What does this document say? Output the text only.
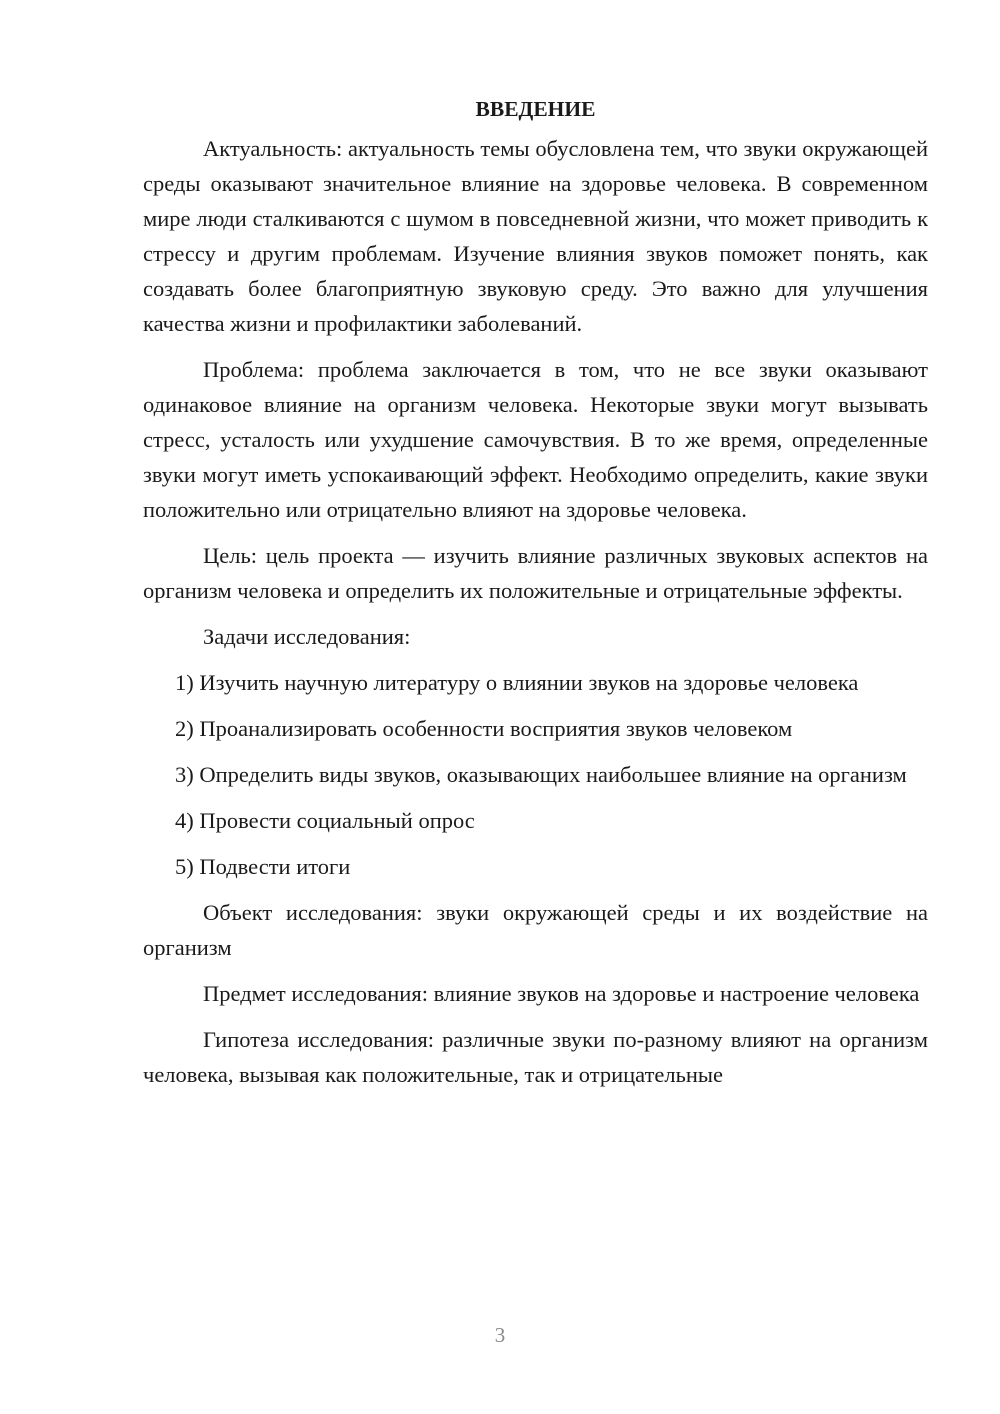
ВВЕДЕНИЕ

Актуальность: актуальность темы обусловлена тем, что звуки окружающей среды оказывают значительное влияние на здоровье человека. В современном мире люди сталкиваются с шумом в повседневной жизни, что может приводить к стрессу и другим проблемам. Изучение влияния звуков поможет понять, как создавать более благоприятную звуковую среду. Это важно для улучшения качества жизни и профилактики заболеваний.

Проблема: проблема заключается в том, что не все звуки оказывают одинаковое влияние на организм человека. Некоторые звуки могут вызывать стресс, усталость или ухудшение самочувствия. В то же время, определенные звуки могут иметь успокаивающий эффект. Необходимо определить, какие звуки положительно или отрицательно влияют на здоровье человека.

Цель: цель проекта — изучить влияние различных звуковых аспектов на организм человека и определить их положительные и отрицательные эффекты.

Задачи исследования:

1) Изучить научную литературу о влиянии звуков на здоровье человека

2) Проанализировать особенности восприятия звуков человеком

3) Определить виды звуков, оказывающих наибольшее влияние на организм

4) Провести социальный опрос

5) Подвести итоги

Объект исследования: звуки окружающей среды и их воздействие на организм

Предмет исследования: влияние звуков на здоровье и настроение человека

Гипотеза исследования: различные звуки по-разному влияют на организм человека, вызывая как положительные, так и отрицательные

3
